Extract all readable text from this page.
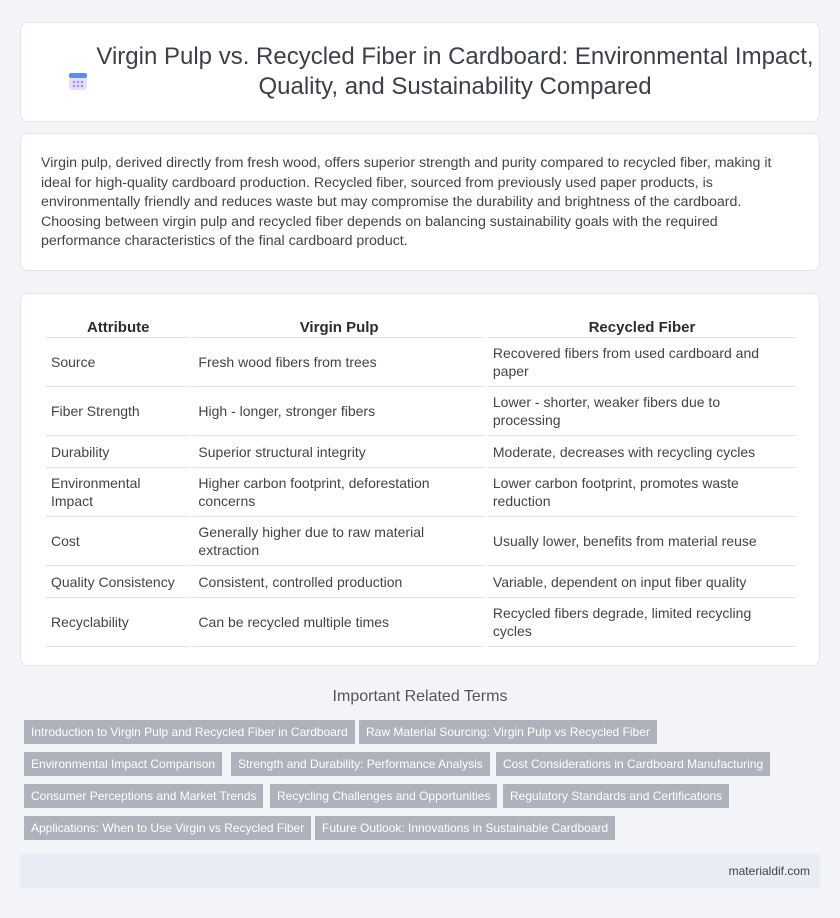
Virgin Pulp vs. Recycled Fiber in Cardboard: Environmental Impact, Quality, and Sustainability Compared

Virgin pulp, derived directly from fresh wood, offers superior strength and purity compared to recycled fiber, making it ideal for high-quality cardboard production. Recycled fiber, sourced from previously used paper products, is environmentally friendly and reduces waste but may compromise the durability and brightness of the cardboard. Choosing between virgin pulp and recycled fiber depends on balancing sustainability goals with the required performance characteristics of the final cardboard product.

Attribute	Virgin Pulp	Recycled Fiber
Source	Fresh wood fibers from trees	Recovered fibers from used cardboard and paper
Fiber Strength	High - longer, stronger fibers	Lower - shorter, weaker fibers due to processing
Durability	Superior structural integrity	Moderate, decreases with recycling cycles
Environmental Impact	Higher carbon footprint, deforestation concerns	Lower carbon footprint, promotes waste reduction
Cost	Generally higher due to raw material extraction	Usually lower, benefits from material reuse
Quality Consistency	Consistent, controlled production	Variable, dependent on input fiber quality
Recyclability	Can be recycled multiple times	Recycled fibers degrade, limited recycling cycles
Important Related Terms
Introduction to Virgin Pulp and Recycled Fiber in Cardboard	Raw Material Sourcing: Virgin Pulp vs Recycled Fiber
Environmental Impact Comparison	Strength and Durability: Performance Analysis	Cost Considerations in Cardboard Manufacturing
Consumer Perceptions and Market Trends	Recycling Challenges and Opportunities	Regulatory Standards and Certifications
Applications: When to Use Virgin vs Recycled Fiber	Future Outlook: Innovations in Sustainable Cardboard
materialdif.com
